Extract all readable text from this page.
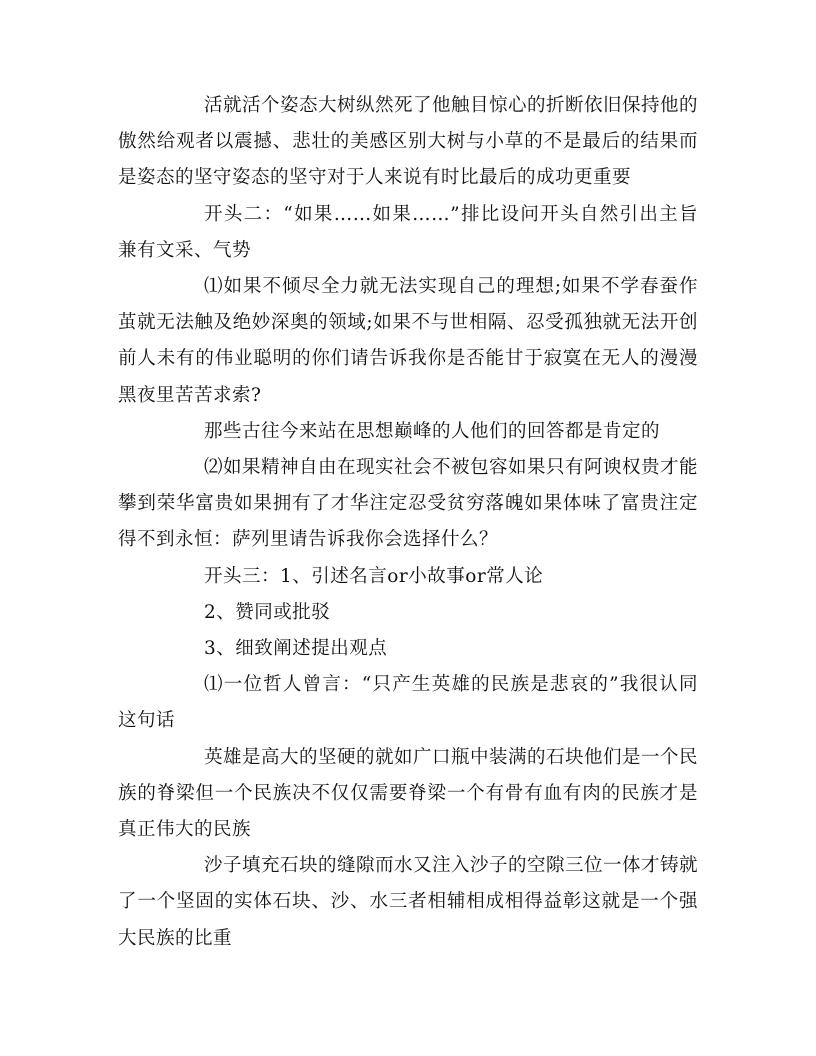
活就活个姿态大树纵然死了他触目惊心的折断依旧保持他的傲然给观者以震撼、悲壮的美感区别大树与小草的不是最后的结果而是姿态的坚守姿态的坚守对于人来说有时比最后的成功更重要

开头二：“如果……如果……”排比设问开头自然引出主旨兼有文采、气势

⑴如果不倾尽全力就无法实现自己的理想;如果不学春蚕作茧就无法触及绝妙深奥的领域;如果不与世相隔、忍受孤独就无法开创前人未有的伟业聪明的你们请告诉我你是否能甘于寂寞在无人的漫漫黑夜里苦苦求索?

那些古往今来站在思想巅峰的人他们的回答都是肯定的

⑵如果精神自由在现实社会不被包容如果只有阿谀权贵才能攀到荣华富贵如果拥有了才华注定忍受贫穷落魄如果体味了富贵注定得不到永恒：萨列里请告诉我你会选择什么？

开头三：1、引述名言or小故事or常人论

2、赞同或批驳

3、细致阐述提出观点

⑴一位哲人曾言：“只产生英雄的民族是悲哀的”我很认同这句话

英雄是高大的坚硬的就如广口瓶中装满的石块他们是一个民族的脊梁但一个民族决不仅仅需要脊梁一个有骨有血有肉的民族才是真正伟大的民族

沙子填充石块的缝隙而水又注入沙子的空隙三位一体才铸就了一个坚固的实体石块、沙、水三者相辅相成相得益彰这就是一个强大民族的比重
